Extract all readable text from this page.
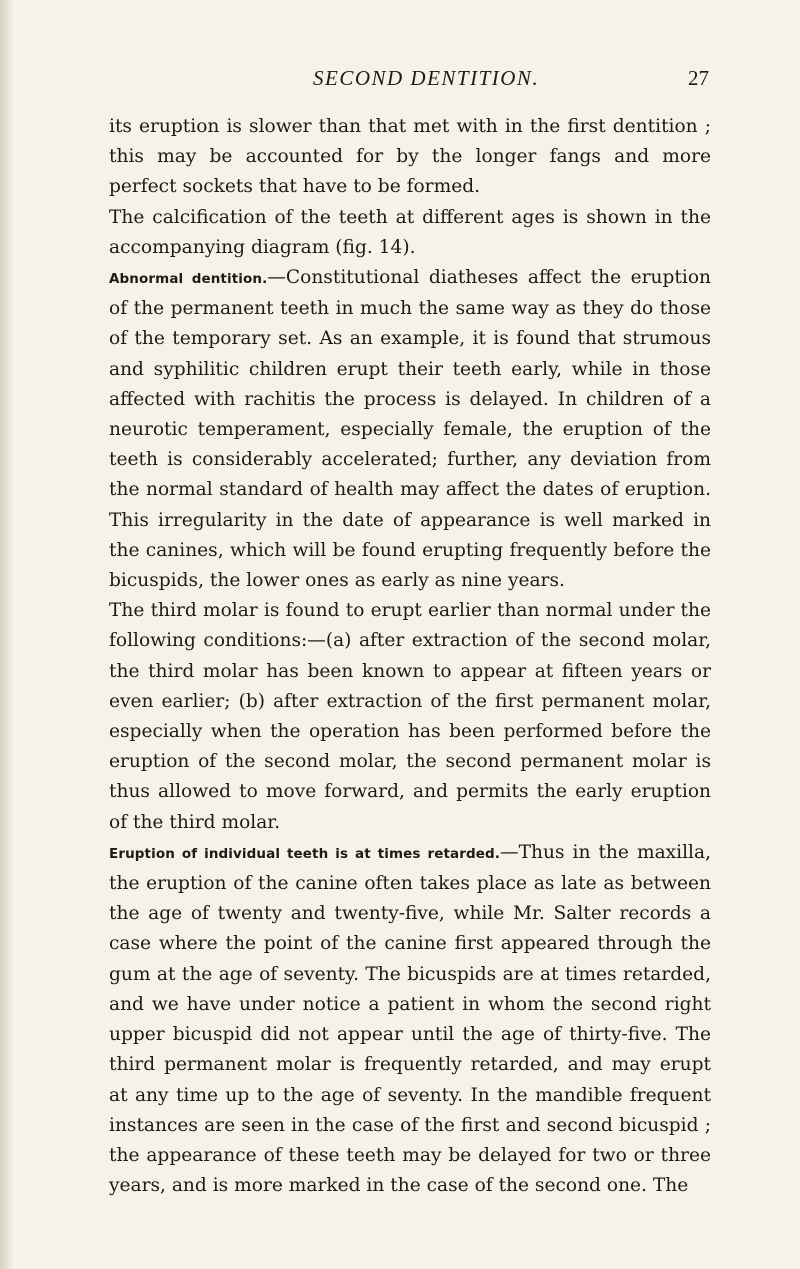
SECOND DENTITION.	27

its eruption is slower than that met with in the first dentition ; this may be accounted for by the longer fangs and more perfect sockets that have to be formed.

The calcification of the teeth at different ages is shown in the accompanying diagram (fig. 14).

Abnormal dentition.—Constitutional diatheses affect the eruption of the permanent teeth in much the same way as they do those of the temporary set. As an example, it is found that strumous and syphilitic children erupt their teeth early, while in those affected with rachitis the process is delayed. In children of a neurotic temperament, especially female, the eruption of the teeth is considerably accelerated; further, any deviation from the normal standard of health may affect the dates of eruption. This irregularity in the date of appearance is well marked in the canines, which will be found erupting frequently before the bicuspids, the lower ones as early as nine years.

The third molar is found to erupt earlier than normal under the following conditions:—(a) after extraction of the second molar, the third molar has been known to appear at fifteen years or even earlier; (b) after extraction of the first permanent molar, especially when the operation has been performed before the eruption of the second molar, the second permanent molar is thus allowed to move forward, and permits the early eruption of the third molar.

Eruption of individual teeth is at times retarded.—Thus in the maxilla, the eruption of the canine often takes place as late as between the age of twenty and twenty-five, while Mr. Salter records a case where the point of the canine first appeared through the gum at the age of seventy. The bicuspids are at times retarded, and we have under notice a patient in whom the second right upper bicuspid did not appear until the age of thirty-five. The third permanent molar is frequently retarded, and may erupt at any time up to the age of seventy. In the mandible frequent instances are seen in the case of the first and second bicuspid ; the appearance of these teeth may be delayed for two or three years, and is more marked in the case of the second one. The
